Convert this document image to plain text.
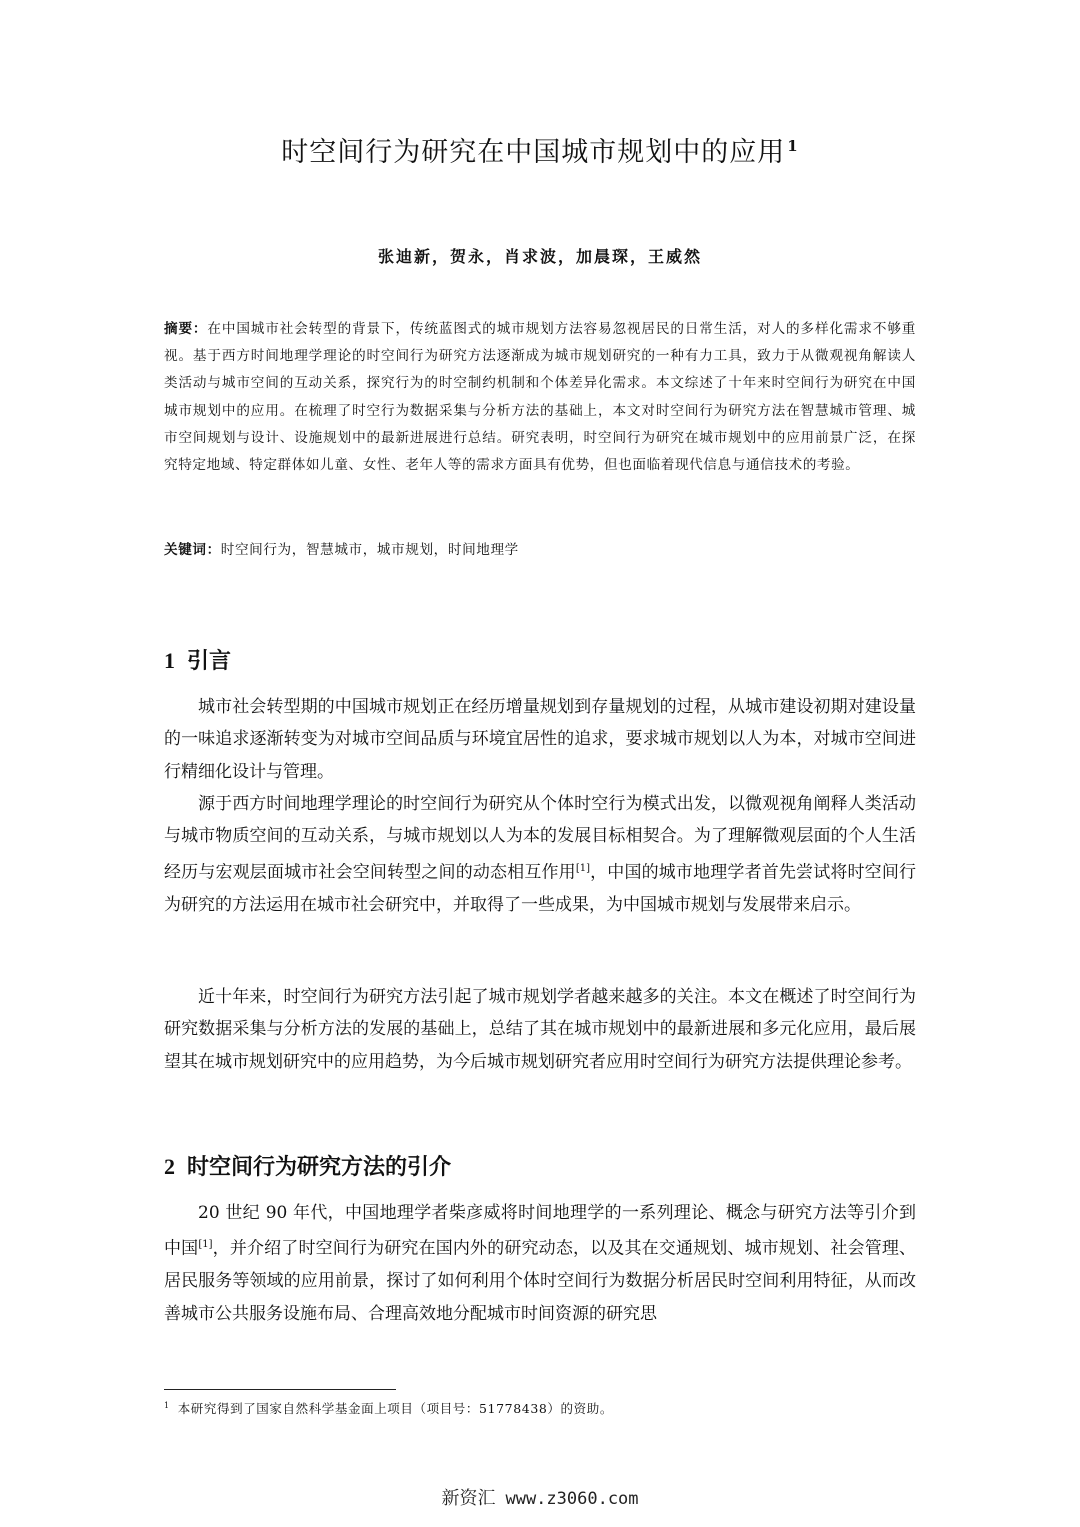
时空间行为研究在中国城市规划中的应用 $^1$
张迪新，贺永，肖求波，加晨琛，王威然
摘要：在中国城市社会转型的背景下，传统蓝图式的城市规划方法容易忽视居民的日常生活，对人的多样化需求不够重视。基于西方时间地理学理论的时空间行为研究方法逐渐成为城市规划研究的一种有力工具，致力于从微观视角解读人类活动与城市空间的互动关系，探究行为的时空制约机制和个体差异化需求。本文综述了十年来时空间行为研究在中国城市规划中的应用。在梳理了时空行为数据采集与分析方法的基础上，本文对时空间行为研究方法在智慧城市管理、城市空间规划与设计、设施规划中的最新进展进行总结。研究表明，时空间行为研究在城市规划中的应用前景广泛，在探究特定地域、特定群体如儿童、女性、老年人等的需求方面具有优势，但也面临着现代信息与通信技术的考验。
关键词：时空间行为，智慧城市，城市规划，时间地理学
1 引言
城市社会转型期的中国城市规划正在经历增量规划到存量规划的过程，从城市建设初期对建设量的一味追求逐渐转变为对城市空间品质与环境宜居性的追求，要求城市规划以人为本，对城市空间进行精细化设计与管理。
源于西方时间地理学理论的时空间行为研究从个体时空行为模式出发，以微观视角阐释人类活动与城市物质空间的互动关系，与城市规划以人为本的发展目标相契合。为了理解微观层面的个人生活经历与宏观层面城市社会空间转型之间的动态相互作用[1]，中国的城市地理学者首先尝试将时空间行为研究的方法运用在城市社会研究中，并取得了一些成果，为中国城市规划与发展带来启示。
近十年来，时空间行为研究方法引起了城市规划学者越来越多的关注。本文在概述了时空间行为研究数据采集与分析方法的发展的基础上，总结了其在城市规划中的最新进展和多元化应用，最后展望其在城市规划研究中的应用趋势，为今后城市规划研究者应用时空间行为研究方法提供理论参考。
2 时空间行为研究方法的引介
20 世纪 90 年代，中国地理学者柴彦威将时间地理学的一系列理论、概念与研究方法等引介到中国[1]，并介绍了时空间行为研究在国内外的研究动态，以及其在交通规划、城市规划、社会管理、居民服务等领域的应用前景，探讨了如何利用个体时空间行为数据分析居民时空间利用特征，从而改善城市公共服务设施布局、合理高效地分配城市时间资源的研究思
$^1$ 本研究得到了国家自然科学基金面上项目（项目号：51778438）的资助。
新资汇 www.z3060.com
